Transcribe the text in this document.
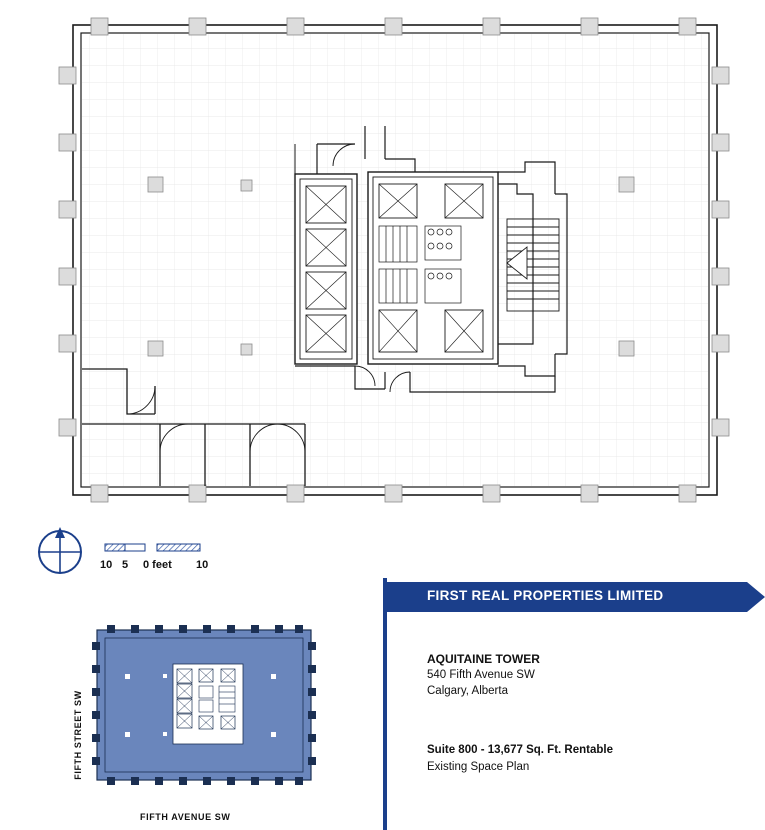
10 5 0 feet 10
FIFTH STREET SW
FIFTH AVENUE SW
FIRST REAL PROPERTIES LIMITED
AQUITAINE TOWER
540 Fifth Avenue SW
Calgary, Alberta
Suite 800 - 13,677 Sq. Ft. Rentable
Existing Space Plan
